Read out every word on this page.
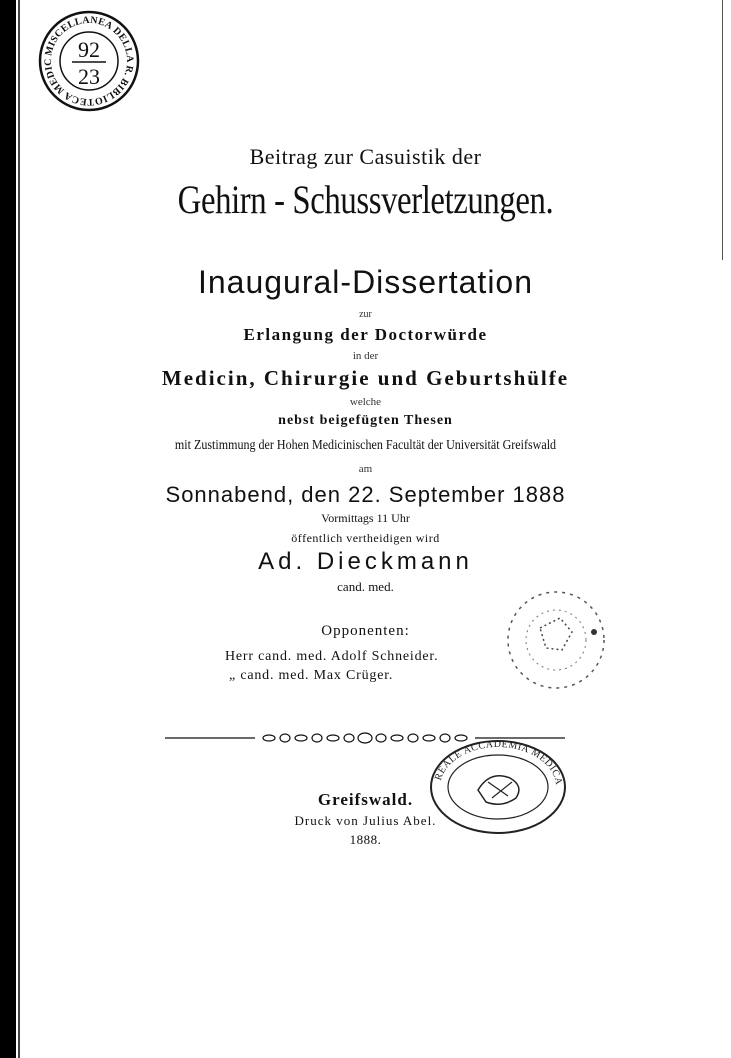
MISCELLANEA DELLA R. BIBLIOTECA MEDIC
92
23
Beitrag zur Casuistik der
Gehirn - Schussverletzungen.
Inaugural-Dissertation
zur
Erlangung der Doctorwürde
in der
Medicin, Chirurgie und Geburtshülfe
welche
nebst beigefügten Thesen
mit Zustimmung der Hohen Medicinischen Facultät der Universität Greifswald
am
Sonnabend, den 22. September 1888
Vormittags 11 Uhr
öffentlich vertheidigen wird
Ad. Dieckmann
cand. med.
Opponenten:
Herr cand. med. Adolf Schneider.
„ cand. med. Max Crüger.
REALE ACCADEMIA MEDICA
Greifswald.
Druck von Julius Abel.
1888.
